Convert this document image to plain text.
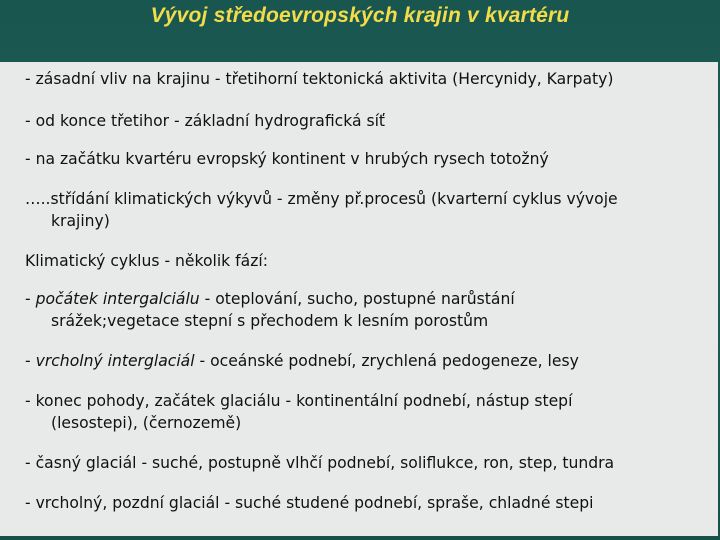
Vývoj středoevropských krajin v kvartéru
- zásadní vliv na krajinu - třetihorní tektonická aktivita (Hercynidy, Karpaty)
- od konce třetihor - základní hydrografická síť
- na začátku kvartéru evropský kontinent v hrubých rysech totožný
…..střídání klimatických výkyvů - změny př.procesů (kvarterní cyklus vývoje
krajiny)
Klimatický cyklus - několik fází:
- počátek intergalciálu - oteplování, sucho, postupné narůstání
srážek;vegetace stepní s přechodem k lesním porostům
- vrcholný interglaciál - oceánské podnebí, zrychlená pedogeneze, lesy
- konec pohody, začátek glaciálu - kontinentální podnebí, nástup stepí
(lesostepi), (černozemě)
- časný glaciál - suché, postupně vlhčí podnebí, soliflukce, ron, step, tundra
- vrcholný, pozdní glaciál - suché studené podnebí, spraše, chladné stepi
